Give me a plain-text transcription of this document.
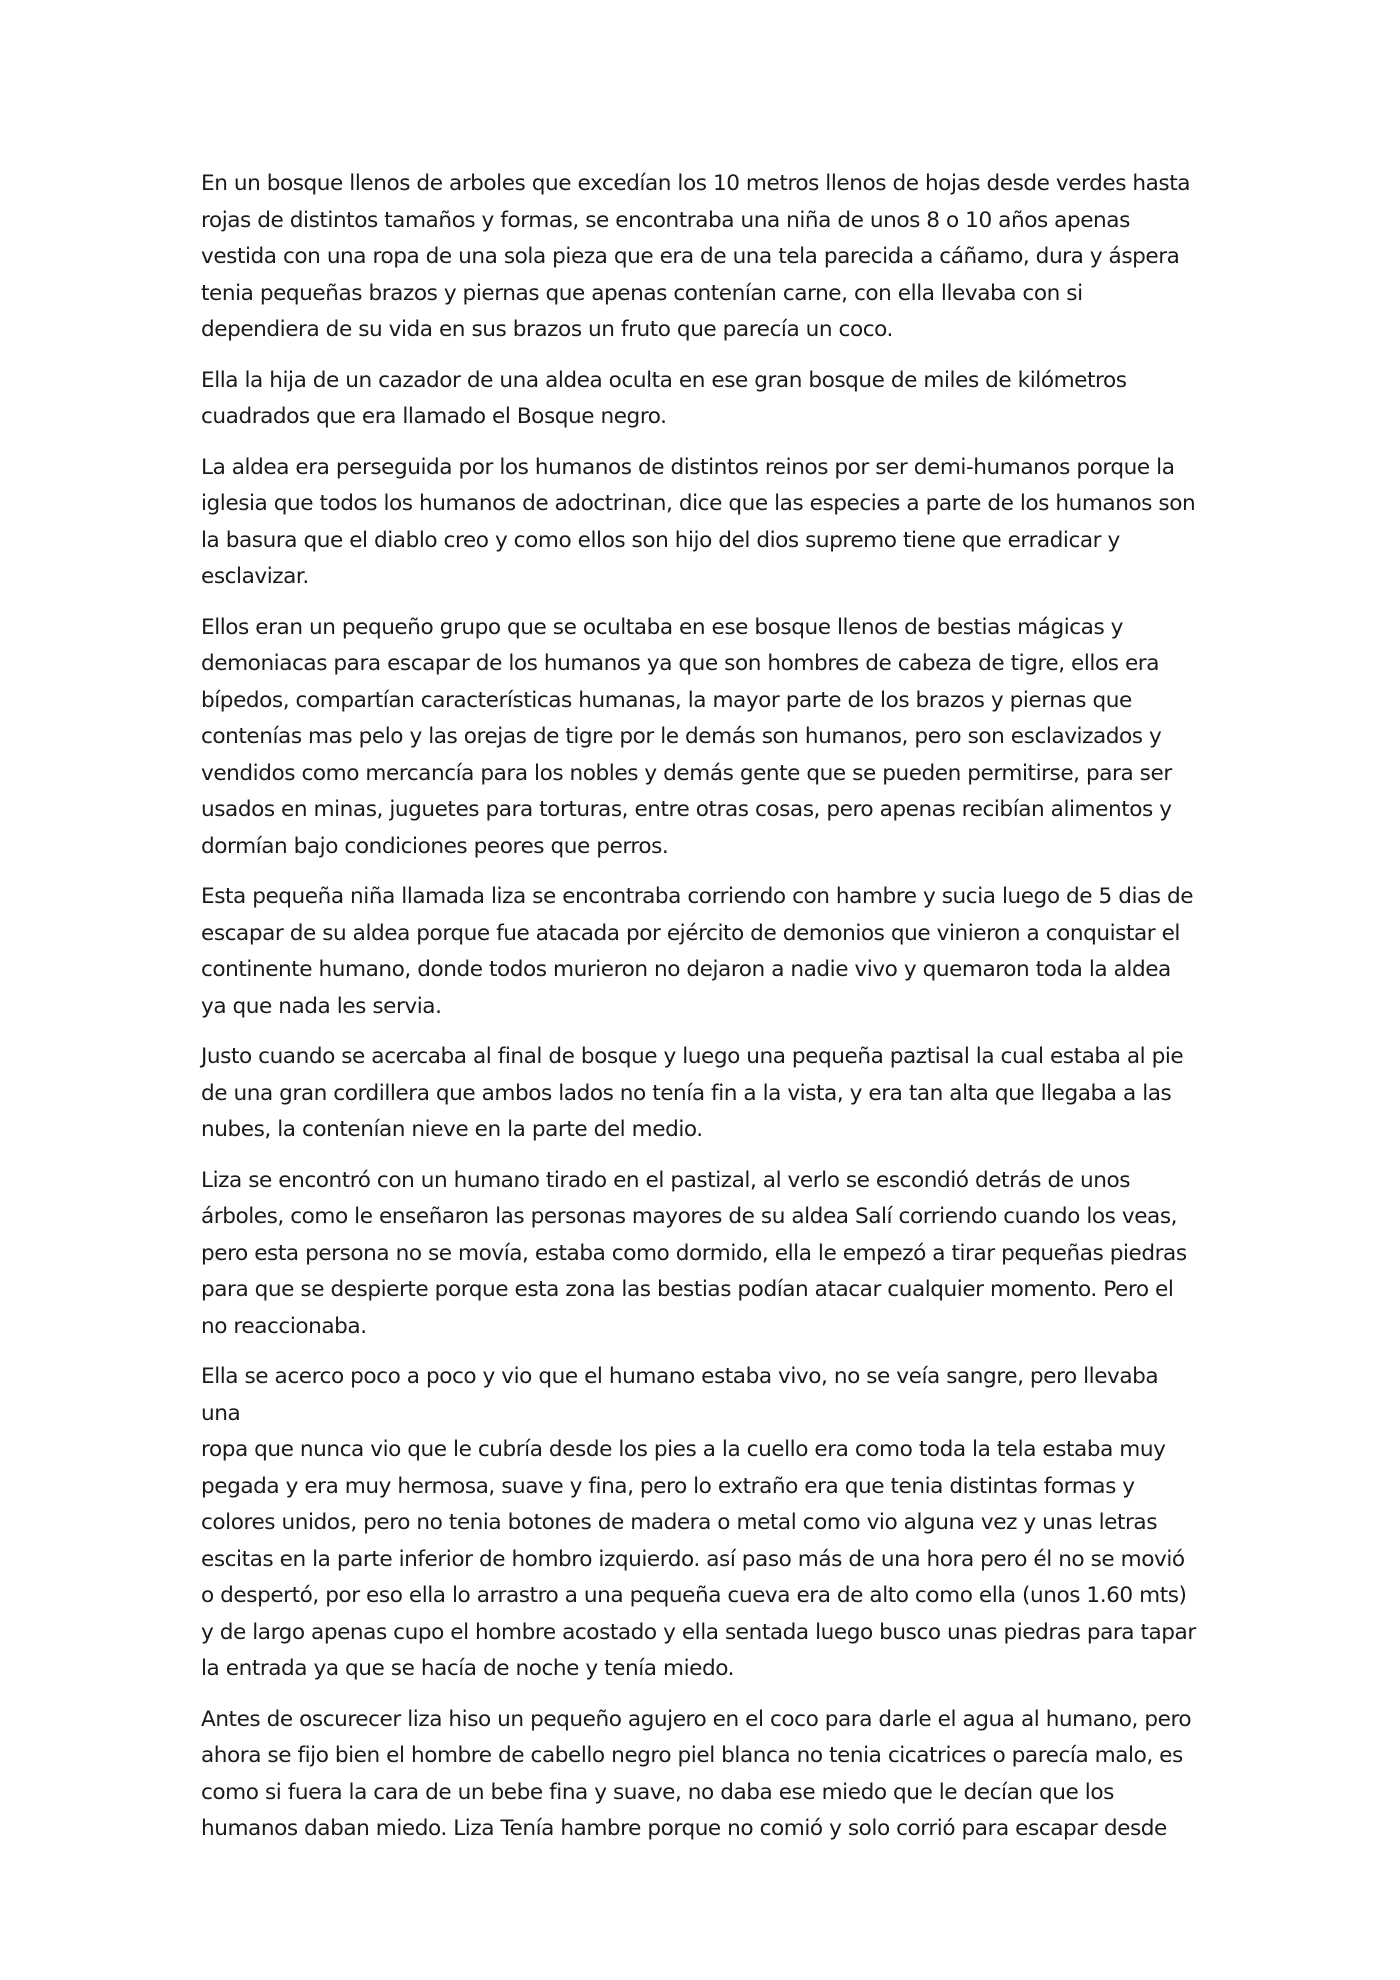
En un bosque llenos de arboles que excedían los 10 metros llenos de hojas desde verdes hasta
rojas de distintos tamaños y formas, se encontraba una niña de unos 8 o 10 años apenas
vestida con una ropa de una sola pieza que era de una tela parecida a cáñamo, dura y áspera
tenia pequeñas brazos y piernas que apenas contenían carne, con ella llevaba con si
dependiera de su vida en sus brazos un fruto que parecía un coco.

Ella la hija de un cazador de una aldea oculta en ese gran bosque de miles de kilómetros
cuadrados que era llamado el Bosque negro.

La aldea era perseguida por los humanos de distintos reinos por ser demi-humanos porque la
iglesia que todos los humanos de adoctrinan, dice que las especies a parte de los humanos son
la basura que el diablo creo y como ellos son hijo del dios supremo tiene que erradicar y
esclavizar.

Ellos eran un pequeño grupo que se ocultaba en ese bosque llenos de bestias mágicas y
demoniacas para escapar de los humanos ya que son hombres de cabeza de tigre, ellos era
bípedos, compartían características humanas, la mayor parte de los brazos y piernas que
contenías mas pelo y las orejas de tigre por le demás son humanos, pero son esclavizados y
vendidos como mercancía para los nobles y demás gente que se pueden permitirse, para ser
usados en minas, juguetes para torturas, entre otras cosas, pero apenas recibían alimentos y
dormían bajo condiciones peores que perros.

Esta pequeña niña llamada liza se encontraba corriendo con hambre y sucia luego de 5 dias de
escapar de su aldea porque fue atacada por ejército de demonios que vinieron a conquistar el
continente humano, donde todos murieron no dejaron a nadie vivo y quemaron toda la aldea
ya que nada les servia.

Justo cuando se acercaba al final de bosque y luego una pequeña paztisal la cual estaba al pie
de una gran cordillera que ambos lados no tenía fin a la vista, y era tan alta que llegaba a las
nubes, la contenían nieve en la parte del medio.

Liza se encontró con un humano tirado en el pastizal, al verlo se escondió detrás de unos
árboles, como le enseñaron las personas mayores de su aldea Salí corriendo cuando los veas,
pero esta persona no se movía, estaba como dormido, ella le empezó a tirar pequeñas piedras
para que se despierte porque esta zona las bestias podían atacar cualquier momento. Pero el
no reaccionaba.

Ella se acerco poco a poco y vio que el humano estaba vivo, no se veía sangre, pero llevaba una
ropa que nunca vio que le cubría desde los pies a la cuello era como toda la tela estaba muy
pegada y era muy hermosa, suave y fina, pero lo extraño era que tenia distintas formas y
colores unidos, pero no tenia botones de madera o metal como vio alguna vez y unas letras
escitas en la parte inferior de hombro izquierdo. así paso más de una hora pero él no se movió
o despertó, por eso ella lo arrastro a una pequeña cueva era de alto como ella (unos 1.60 mts)
y de largo apenas cupo el hombre acostado y ella sentada luego busco unas piedras para tapar
la entrada ya que se hacía de noche y tenía miedo.

Antes de oscurecer liza hiso un pequeño agujero en el coco para darle el agua al humano, pero
ahora se fijo bien el hombre de cabello negro piel blanca no tenia cicatrices o parecía malo, es
como si fuera la cara de un bebe fina y suave, no daba ese miedo que le decían que los
humanos daban miedo. Liza Tenía hambre porque no comió y solo corrió para escapar desde
